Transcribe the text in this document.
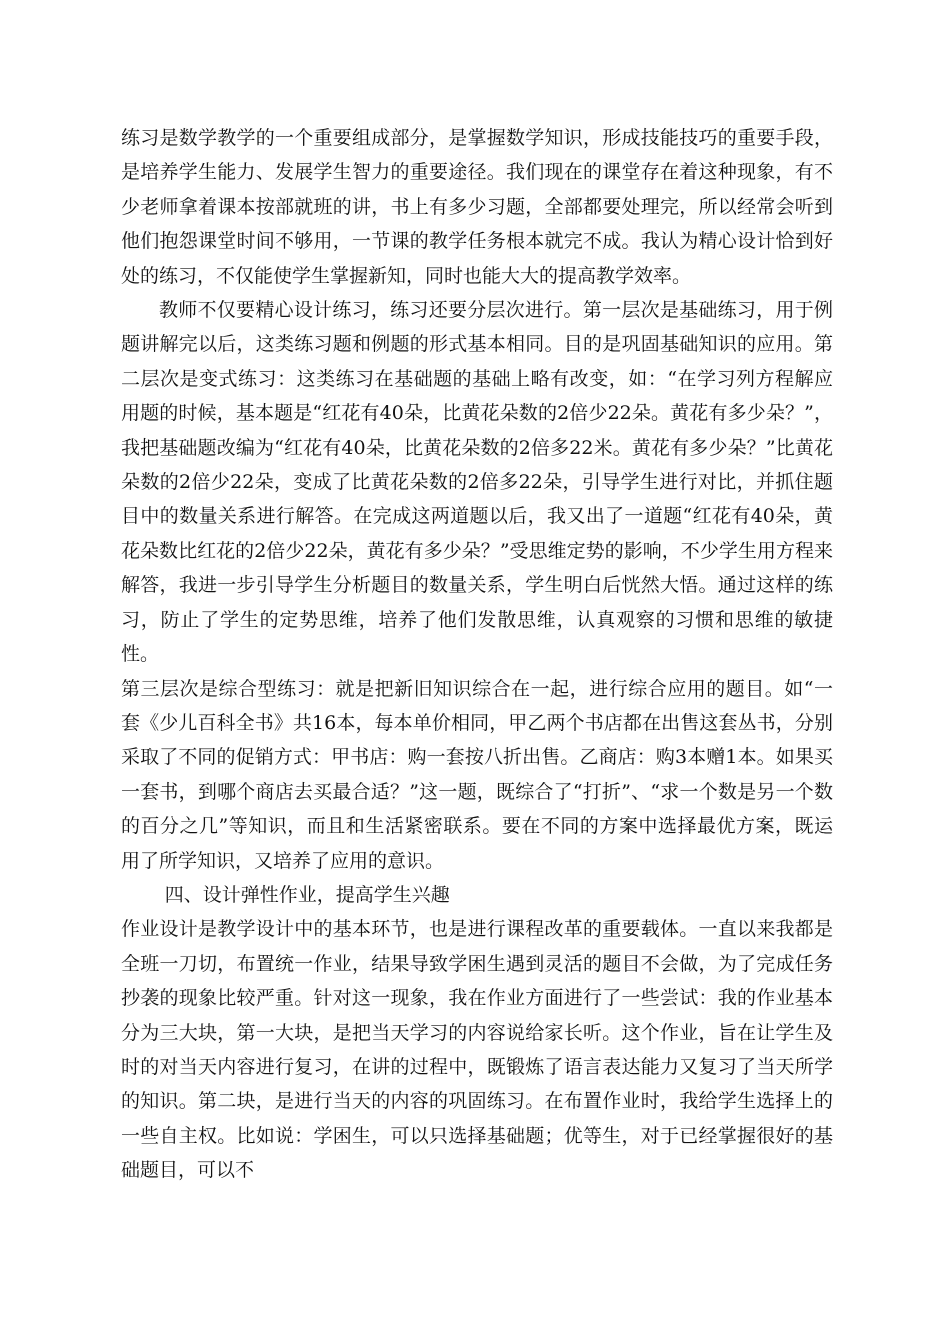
练习是数学教学的一个重要组成部分，是掌握数学知识，形成技能技巧的重要手段，是培养学生能力、发展学生智力的重要途径。我们现在的课堂存在着这种现象，有不少老师拿着课本按部就班的讲，书上有多少习题，全部都要处理完，所以经常会听到他们抱怨课堂时间不够用，一节课的教学任务根本就完不成。我认为精心设计恰到好处的练习，不仅能使学生掌握新知，同时也能大大的提高教学效率。

教师不仅要精心设计练习，练习还要分层次进行。第一层次是基础练习，用于例题讲解完以后，这类练习题和例题的形式基本相同。目的是巩固基础知识的应用。第二层次是变式练习：这类练习在基础题的基础上略有改变，如：“在学习列方程解应用题的时候，基本题是“红花有40朵，比黄花朵数的2倍少22朵。黄花有多少朵？”，我把基础题改编为“红花有40朵，比黄花朵数的2倍多22米。黄花有多少朵？”比黄花朵数的2倍少22朵，变成了比黄花朵数的2倍多22朵，引导学生进行对比，并抓住题目中的数量关系进行解答。在完成这两道题以后，我又出了一道题“红花有40朵，黄花朵数比红花的2倍少22朵，黄花有多少朵？”受思维定势的影响，不少学生用方程来解答，我进一步引导学生分析题目的数量关系，学生明白后恍然大悟。通过这样的练习，防止了学生的定势思维，培养了他们发散思维，认真观察的习惯和思维的敏捷性。

第三层次是综合型练习：就是把新旧知识综合在一起，进行综合应用的题目。如“一套《少儿百科全书》共16本，每本单价相同，甲乙两个书店都在出售这套丛书，分别采取了不同的促销方式：甲书店：购一套按八折出售。乙商店：购3本赠1本。如果买一套书，到哪个商店去买最合适？”这一题，既综合了“打折”、“求一个数是另一个数的百分之几”等知识，而且和生活紧密联系。要在不同的方案中选择最优方案，既运用了所学知识，又培养了应用的意识。

四、设计弹性作业，提高学生兴趣

作业设计是教学设计中的基本环节，也是进行课程改革的重要载体。一直以来我都是全班一刀切，布置统一作业，结果导致学困生遇到灵活的题目不会做，为了完成任务抄袭的现象比较严重。针对这一现象，我在作业方面进行了一些尝试：我的作业基本分为三大块，第一大块，是把当天学习的内容说给家长听。这个作业，旨在让学生及时的对当天内容进行复习，在讲的过程中，既锻炼了语言表达能力又复习了当天所学的知识。第二块，是进行当天的内容的巩固练习。在布置作业时，我给学生选择上的一些自主权。比如说：学困生，可以只选择基础题；优等生，对于已经掌握很好的基础题目，可以不
